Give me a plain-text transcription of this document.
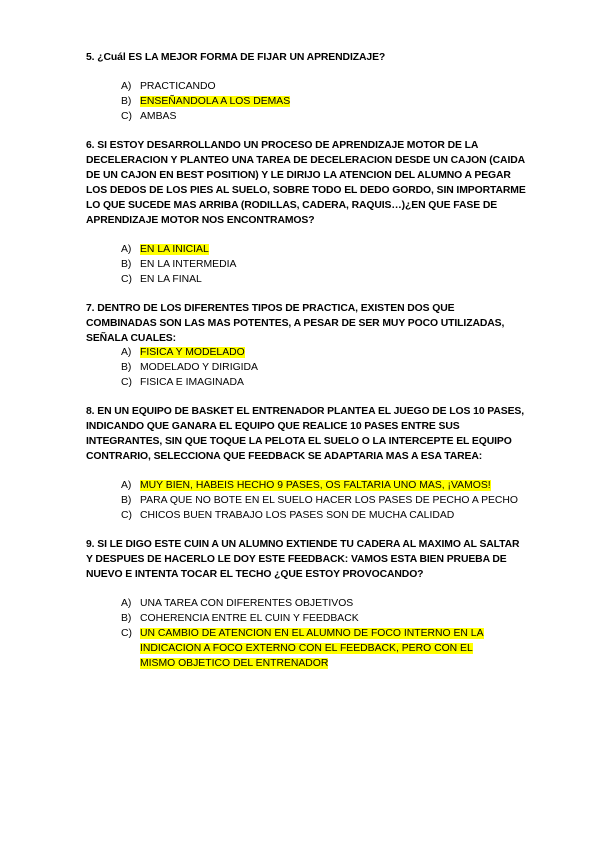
5. ¿Cuál ES LA MEJOR FORMA DE FIJAR UN APRENDIZAJE?

A) PRACTICANDO
B) ENSEÑANDOLA A LOS DEMAS
C) AMBAS

6. SI ESTOY DESARROLLANDO UN PROCESO DE APRENDIZAJE MOTOR DE LA DECELERACION Y PLANTEO UNA TAREA DE DECELERACION DESDE UN CAJON (CAIDA DE UN CAJON EN BEST POSITION) Y LE DIRIJO LA ATENCION DEL ALUMNO A PEGAR LOS DEDOS DE LOS PIES AL SUELO, SOBRE TODO EL DEDO GORDO, SIN IMPORTARME LO QUE SUCEDE MAS ARRIBA (RODILLAS, CADERA, RAQUIS…)¿EN QUE FASE DE APRENDIZAJE MOTOR NOS ENCONTRAMOS?

A) EN LA INICIAL
B) EN LA INTERMEDIA
C) EN LA FINAL

7. DENTRO DE LOS DIFERENTES TIPOS DE PRACTICA, EXISTEN DOS QUE COMBINADAS SON LAS MAS POTENTES, A PESAR DE SER MUY POCO UTILIZADAS, SEÑALA CUALES:

A) FISICA Y MODELADO
B) MODELADO Y DIRIGIDA
C) FISICA E IMAGINADA

8. EN UN EQUIPO DE BASKET EL ENTRENADOR PLANTEA EL JUEGO DE LOS 10 PASES, INDICANDO QUE GANARA EL EQUIPO QUE REALICE 10 PASES ENTRE SUS INTEGRANTES, SIN QUE TOQUE LA PELOTA EL SUELO O LA INTERCEPTE EL EQUIPO CONTRARIO, SELECCIONA QUE FEEDBACK SE ADAPTARIA MAS A ESA TAREA:

A) MUY BIEN, HABEIS HECHO 9 PASES, OS FALTARIA UNO MAS, ¡VAMOS!
B) PARA QUE NO BOTE EN EL SUELO HACER LOS PASES DE PECHO A PECHO
C) CHICOS BUEN TRABAJO LOS PASES SON DE MUCHA CALIDAD

9. SI LE DIGO ESTE CUIN A UN ALUMNO EXTIENDE TU CADERA AL MAXIMO AL SALTAR Y DESPUES DE HACERLO LE DOY ESTE FEEDBACK: VAMOS ESTA BIEN PRUEBA DE NUEVO E INTENTA TOCAR EL TECHO ¿QUE ESTOY PROVOCANDO?

A) UNA TAREA CON DIFERENTES OBJETIVOS
B) COHERENCIA ENTRE EL CUIN Y FEEDBACK
C) UN CAMBIO DE ATENCION EN EL ALUMNO DE FOCO INTERNO EN LA INDICACION A FOCO EXTERNO CON EL FEEDBACK, PERO CON EL MISMO OBJETICO DEL ENTRENADOR
